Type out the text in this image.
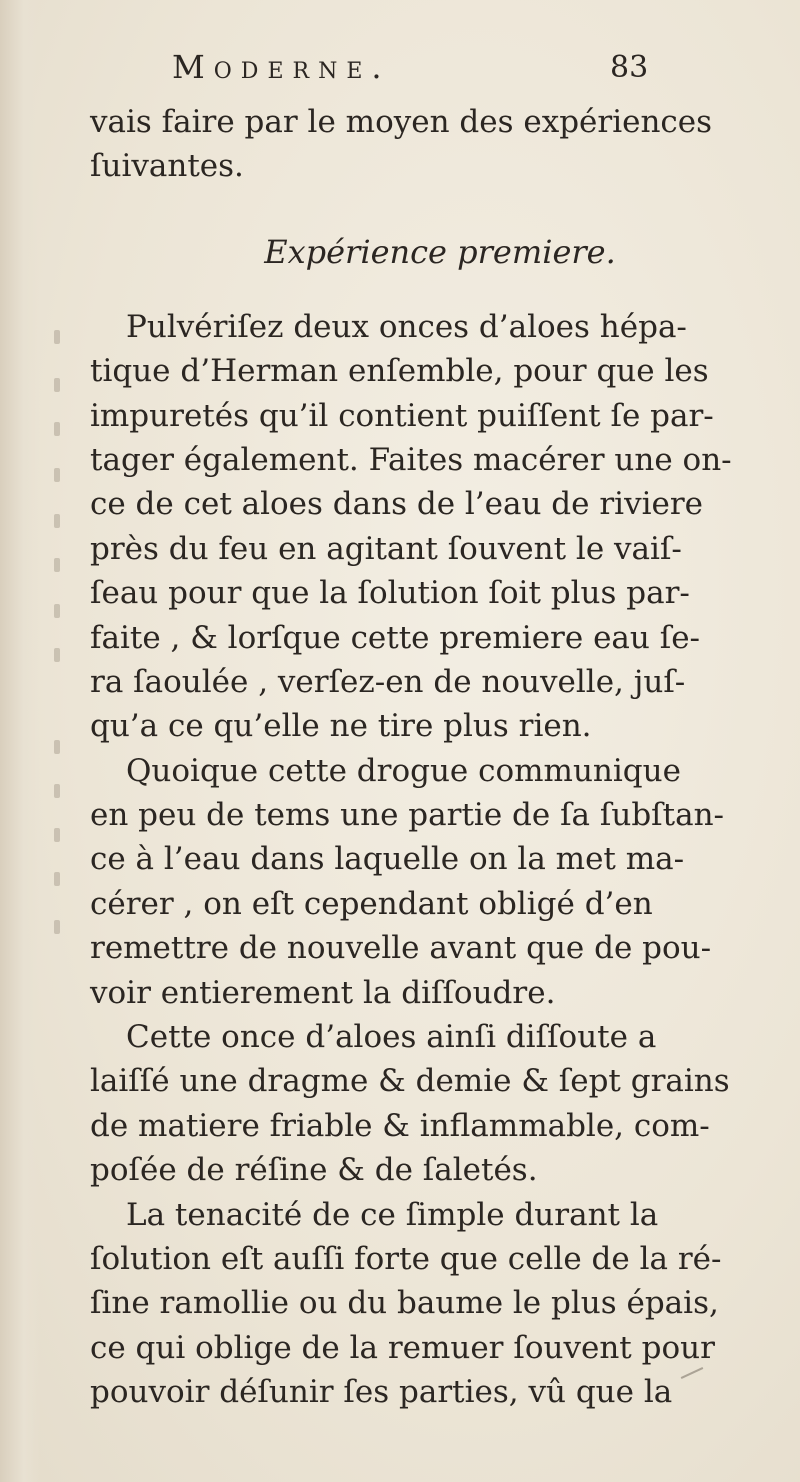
Moderne.	83
vais faire par le moyen des expériences
ſuivantes.
Expérience premiere.
Pulvériſez deux onces d’aloes hépa-
tique d’Herman enſemble, pour que les
impuretés qu’il contient puiſſent ſe par-
tager également. Faites macérer une on-
ce de cet aloes dans de l’eau de riviere
près du feu en agitant ſouvent le vaiſ-
ſeau pour que la ſolution ſoit plus par-
faite , & lorſque cette premiere eau ſe-
ra ſaoulée , verſez-en de nouvelle, juſ-
qu’a ce qu’elle ne tire plus rien.
Quoique cette drogue communique
en peu de tems une partie de ſa ſubſtan-
ce à l’eau dans laquelle on la met ma-
cérer , on eſt cependant obligé d’en
remettre de nouvelle avant que de pou-
voir entierement la diſſoudre.
Cette once d’aloes ainſi diſſoute a
laiſſé une dragme & demie & ſept grains
de matiere friable & inflammable, com-
poſée de réſine & de ſaletés.
La tenacité de ce ſimple durant la
ſolution eſt auſſi forte que celle de la ré-
ſine ramollie ou du baume le plus épais,
ce qui oblige de la remuer ſouvent pour
pouvoir déſunir ſes parties, vû que la
